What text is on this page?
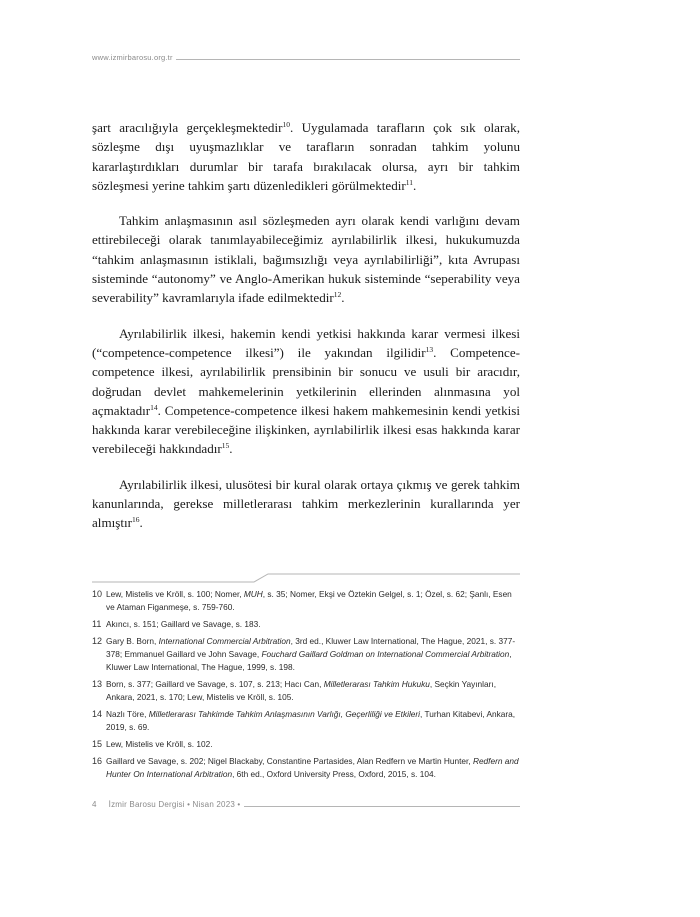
www.izmirbarosu.org.tr

şart aracılığıyla gerçekleşmektedir$^{10}$. Uygulamada tarafların çok sık olarak, sözleşme dışı uyuşmazlıklar ve tarafların sonradan tahkim yolunu kararlaştırdıkları durumlar bir tarafa bırakılacak olursa, ayrı bir tahkim sözleşmesi yerine tahkim şartı düzenledikleri görülmektedir$^{11}$.

Tahkim anlaşmasının asıl sözleşmeden ayrı olarak kendi varlığını devam ettirebileceği olarak tanımlayabileceğimiz ayrılabilirlik ilkesi, hukukumuzda “tahkim anlaşmasının istiklali, bağımsızlığı veya ayrılabilirliği”, kıta Avrupası sisteminde “autonomy” ve Anglo-Amerikan hukuk sisteminde “seperability veya severability” kavramlarıyla ifade edilmektedir$^{12}$.

Ayrılabilirlik ilkesi, hakemin kendi yetkisi hakkında karar vermesi ilkesi (“competence-competence ilkesi”) ile yakından ilgilidir$^{13}$. Competence-competence ilkesi, ayrılabilirlik prensibinin bir sonucu ve usuli bir aracıdır, doğrudan devlet mahkemelerinin yetkilerinin ellerinden alınmasına yol açmaktadır$^{14}$. Competence-competence ilkesi hakem mahkemesinin kendi yetkisi hakkında karar verebileceğine ilişkinken, ayrılabilirlik ilkesi esas hakkında karar verebileceği hakkındadır$^{15}$.

Ayrılabilirlik ilkesi, ulusötesi bir kural olarak ortaya çıkmış ve gerek tahkim kanunlarında, gerekse milletlerarası tahkim merkezlerinin kurallarında yer almıştır$^{16}$.

10 Lew, Mistelis ve Kröll, s. 100; Nomer, MUH, s. 35; Nomer, Ekşi ve Öztekin Gelgel, s. 1; Özel, s. 62; Şanlı, Esen ve Ataman Figanmeşe, s. 759-760.
11 Akıncı, s. 151; Gaillard ve Savage, s. 183.
12 Gary B. Born, International Commercial Arbitration, 3rd ed., Kluwer Law International, The Hague, 2021, s. 377-378; Emmanuel Gaillard ve John Savage, Fouchard Gaillard Goldman on International Commercial Arbitration, Kluwer Law International, The Hague, 1999, s. 198.
13 Born, s. 377; Gaillard ve Savage, s. 107, s. 213; Hacı Can, Milletlerarası Tahkim Hukuku, Seçkin Yayınları, Ankara, 2021, s. 170; Lew, Mistelis ve Kröll, s. 105.
14 Nazlı Töre, Milletlerarası Tahkimde Tahkim Anlaşmasının Varlığı, Geçerliliği ve Etkileri, Turhan Kitabevi, Ankara, 2019, s. 69.
15 Lew, Mistelis ve Kröll, s. 102.
16 Gaillard ve Savage, s. 202; Nigel Blackaby, Constantine Partasides, Alan Redfern ve Martin Hunter, Redfern and Hunter On International Arbitration, 6th ed., Oxford University Press, Oxford, 2015, s. 104.
4 İzmir Barosu Dergisi • Nisan 2023 •
